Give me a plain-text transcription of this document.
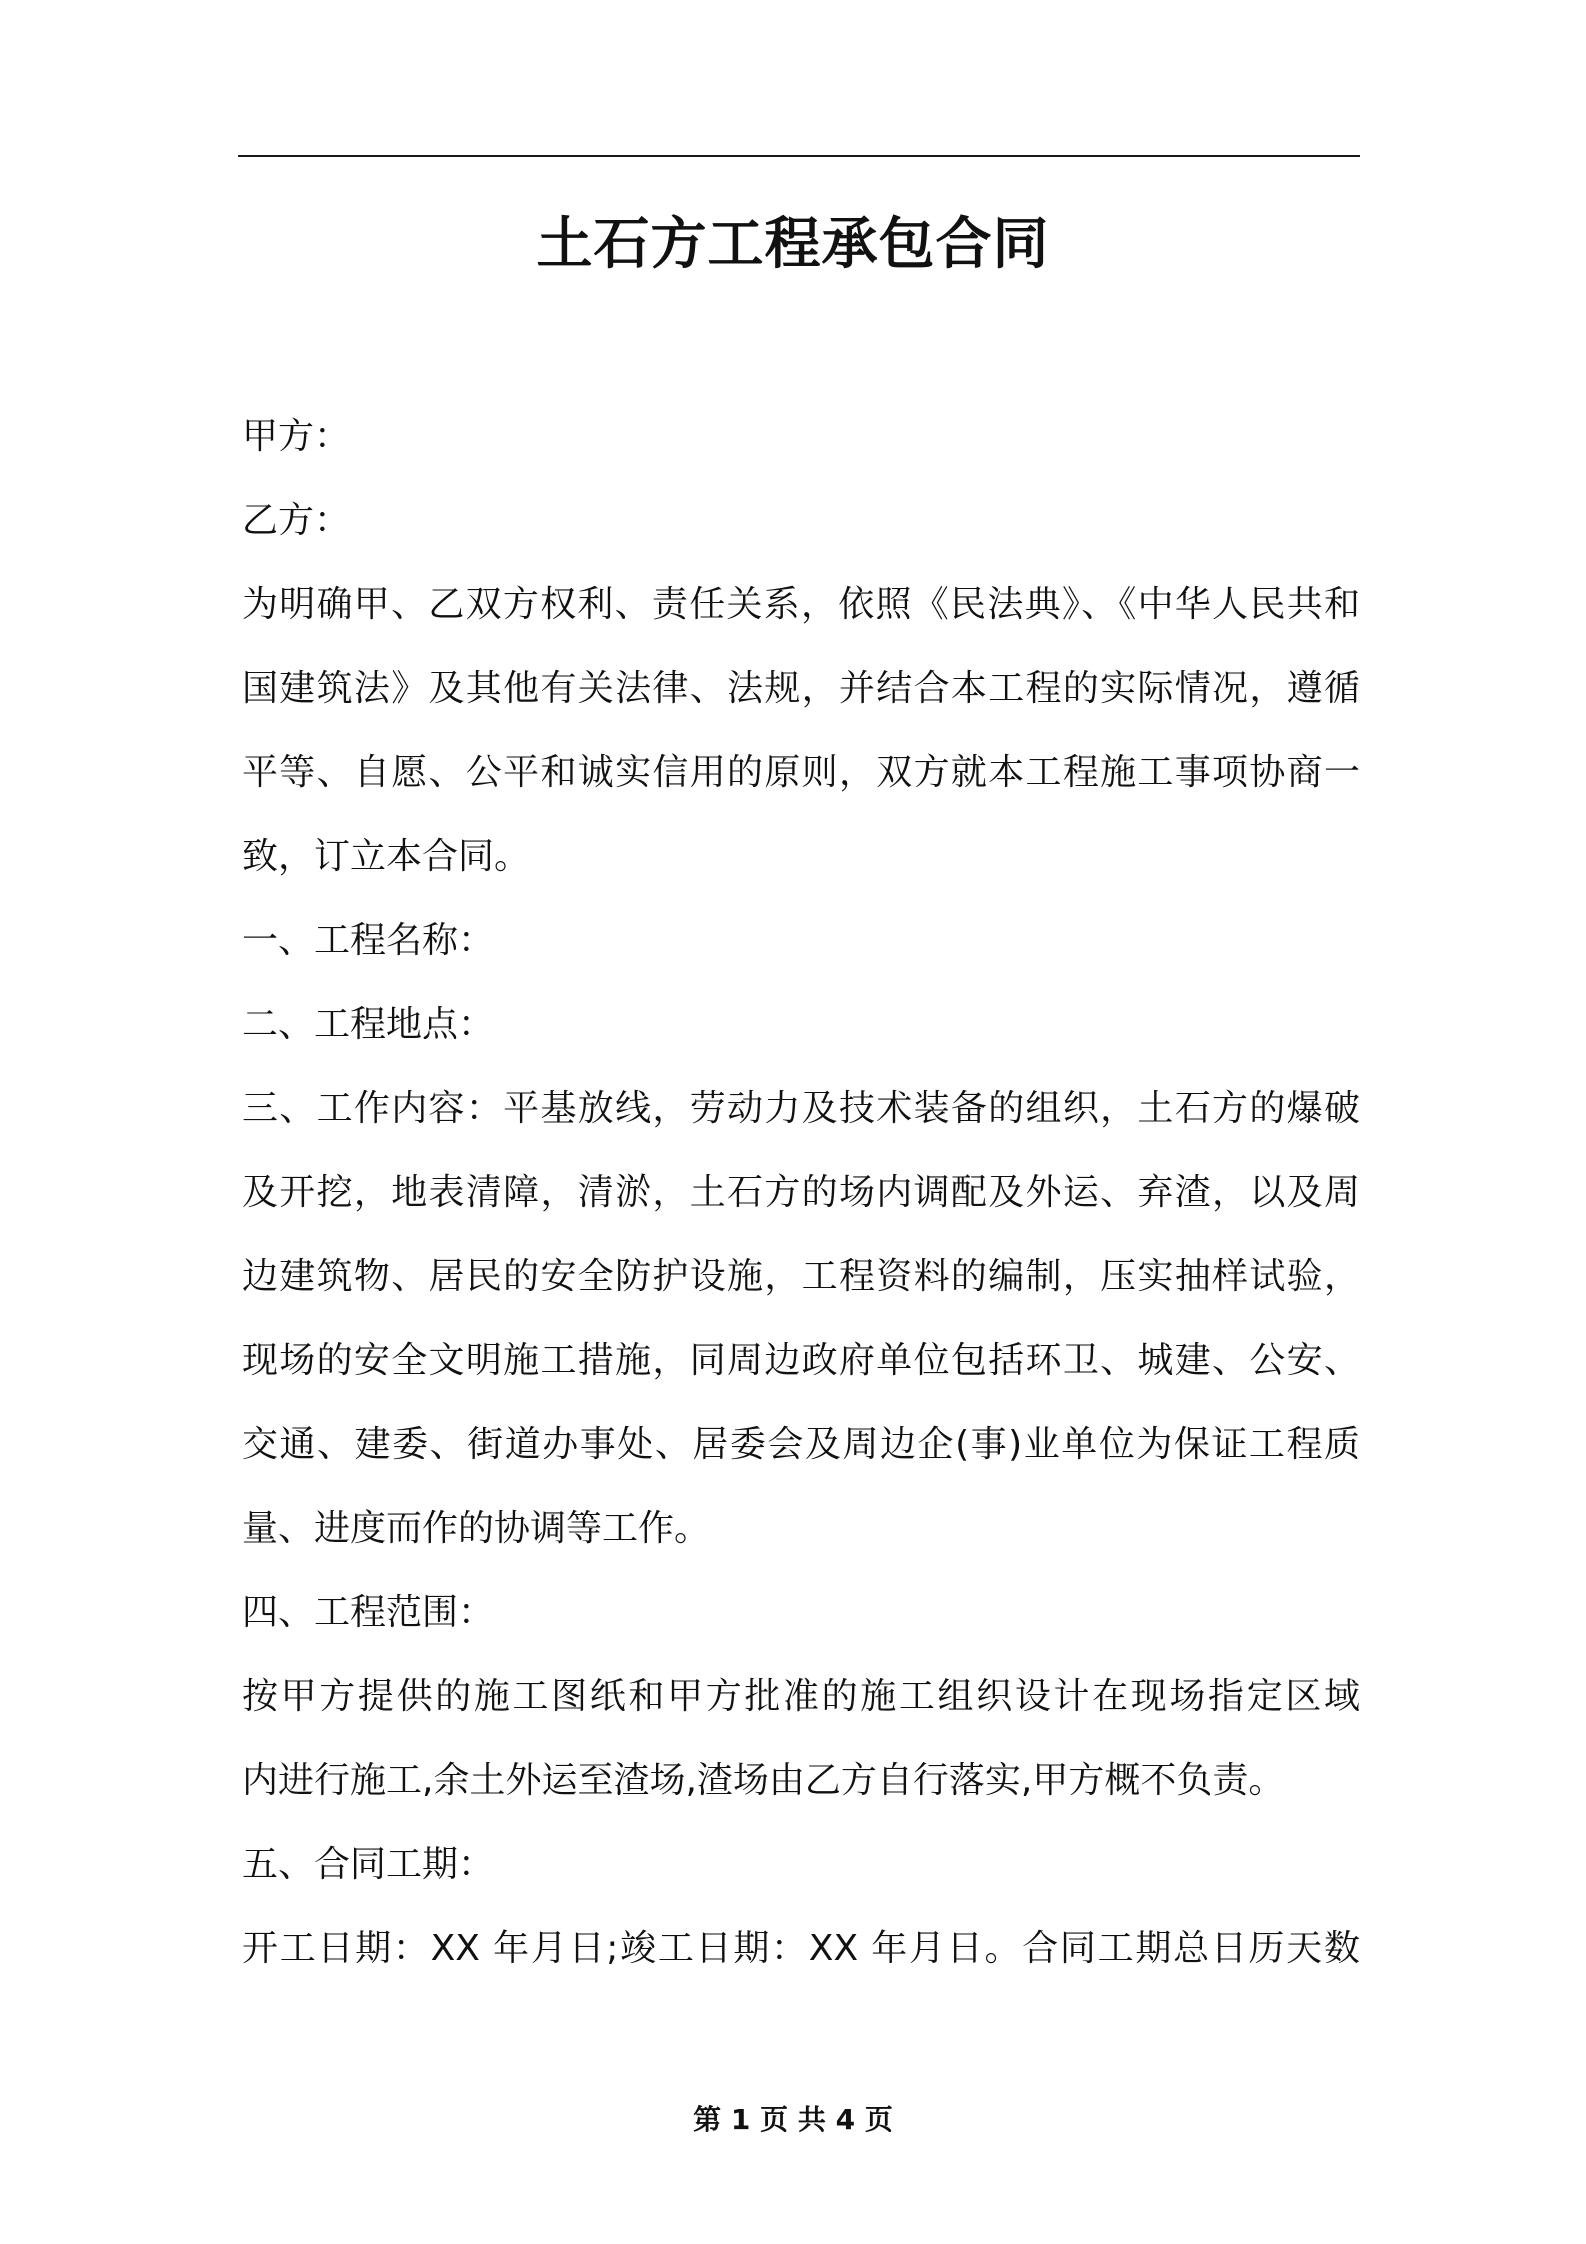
土石方工程承包合同
甲方：
乙方：
为明确甲、乙双方权利、责任关系，依照《民法典》、《中华人民共和
国建筑法》及其他有关法律、法规，并结合本工程的实际情况，遵循
平等、自愿、公平和诚实信用的原则，双方就本工程施工事项协商一
致，订立本合同。
一、工程名称：
二、工程地点：
三、工作内容：平基放线，劳动力及技术装备的组织，土石方的爆破
及开挖，地表清障，清淤，土石方的场内调配及外运、弃渣，以及周
边建筑物、居民的安全防护设施，工程资料的编制，压实抽样试验，
现场的安全文明施工措施，同周边政府单位包括环卫、城建、公安、
交通、建委、街道办事处、居委会及周边企(事)业单位为保证工程质
量、进度而作的协调等工作。
四、工程范围：
按甲方提供的施工图纸和甲方批准的施工组织设计在现场指定区域
内进行施工,余土外运至渣场,渣场由乙方自行落实,甲方概不负责。
五、合同工期：
开工日期：XX 年月日;竣工日期：XX 年月日。合同工期总日历天数
第 1 页 共 4 页
